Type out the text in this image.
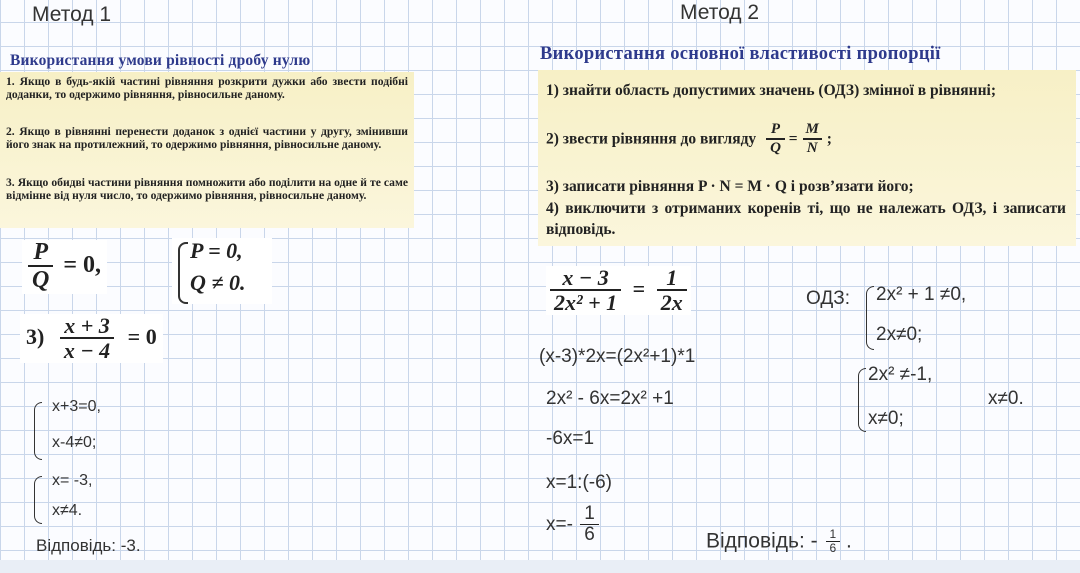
Метод 1
Використання умови рівності дробу нулю
1. Якщо в будь-якій частині рівняння розкрити дужки або звести подібні доданки, то одержимо рівняння, рівносильне даному.
2. Якщо в рівнянні перенести доданок з однієї частини у другу, змінивши його знак на протилежний, то одержимо рівняння, рівносильне даному.
3. Якщо обидві частини рівняння помножити або поділити на одне й те саме відмінне від нуля число, то одержимо рівняння, рівносильне даному.
$\frac{P}{Q} = 0$,
P = 0,
Q ≠ 0.
$3) \frac{x + 3}{x - 4} = 0$
x+3=0,
x-4≠0;
x= -3,
x≠4.
Відповідь: -3.
Метод 2
Використання основної властивості пропорції
1) знайти область допустимих значень (ОДЗ) змінної в рівнянні;
2) звести рівняння до вигляду $\frac{P}{Q} = \frac{M}{N}$ ;
3) записати рівняння P · N = M · Q і розв’язати його;
4) виключити з отриманих коренів ті, що не належать ОДЗ, і записати відповідь.
$\frac{x - 3}{\text{2x² + 1}} = \frac{1}{2x}$	ОДЗ: 2x² + 1 ≠0,
2x≠0;
2x² ≠-1,
x≠0;
x≠0.
(x-3)*2x=(2x²+1)*1
2x² - 6x=2x² +1
-6x=1
x=1:(-6)
$x=- \frac{1}{6}$	Відповідь: - $\frac{1}{6}$ .
